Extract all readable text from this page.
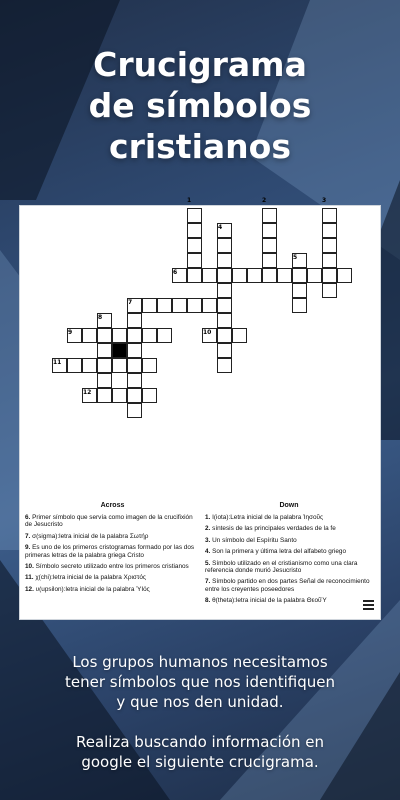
Crucigrama
de símbolos
cristianos
1	2	3
4
5
6
7
8
9	10
11
12
Across
6. Primer símbolo que servía como imagen de la crucifixión de Jesucristo
7. σ(sigma):letra inicial de la palabra Σωτήρ
9. Es uno de los primeros cristogramas formado por las dos primeras letras de la palabra griega Cristo
10. Símbolo secreto utilizado entre los primeros cristianos
11. χ(chi):letra inicial de la palabra Χριστός
12. υ(upsilon):letra inicial de la palabra ὙΙός
Down
1. I(iota):Letra inicial de la palabra Ἰησοῦς
2. síntesis de las principales verdades de la fe
3. Un símbolo del Espíritu Santo
4. Son la primera y última letra del alfabeto griego
5. Símbolo utilizado en el cristianismo como una clara referencia donde murió Jesucristo
7. Símbolo partido en dos partes Señal de reconocimiento entre los creyentes poseedores
8. θ(theta):letra inicial de la palabra ΘεοῦὙ
Los grupos humanos necesitamos tener símbolos que nos identifiquen y que nos den unidad.
Realiza buscando información en google el siguiente crucigrama.
